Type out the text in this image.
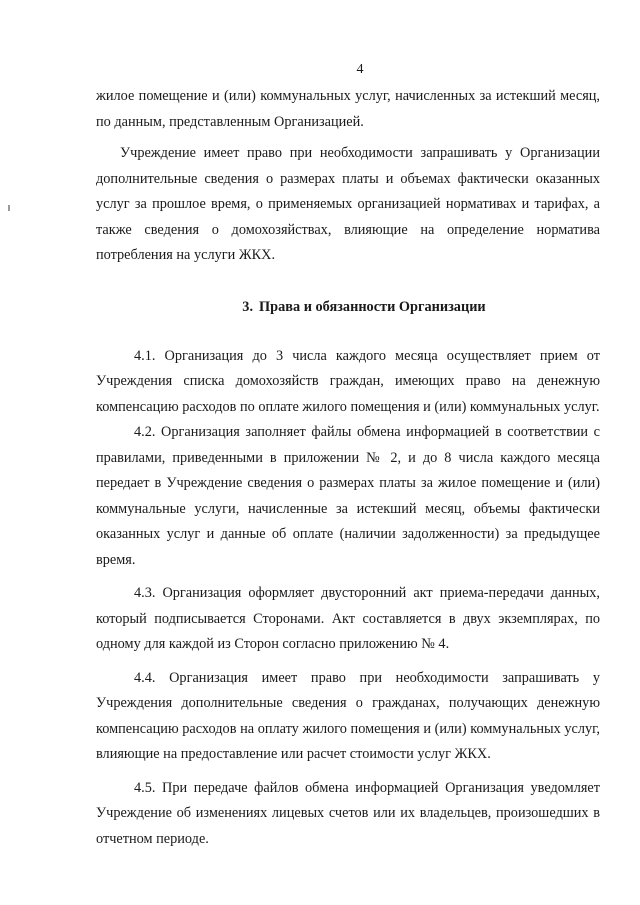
4

жилое помещение и (или) коммунальных услуг, начисленных за истекший месяц, по данным, представленным Организацией.

Учреждение имеет право при необходимости запрашивать у Организации дополнительные сведения о размерах платы и объемах фактически оказанных услуг за прошлое время, о применяемых организацией нормативах и тарифах, а также сведения о домохозяйствах, влияющие на определение норматива потребления на услуги ЖКХ.

3. Права и обязанности Организации

4.1. Организация до 3 числа каждого месяца осуществляет прием от Учреждения списка домохозяйств граждан, имеющих право на денежную компенсацию расходов по оплате жилого помещения и (или) коммунальных услуг.

4.2. Организация заполняет файлы обмена информацией в соответствии с правилами, приведенными в приложении № 2, и до 8 числа каждого месяца передает в Учреждение сведения о размерах платы за жилое помещение и (или) коммунальные услуги, начисленные за истекший месяц, объемы фактически оказанных услуг и данные об оплате (наличии задолженности) за предыдущее время.

4.3. Организация оформляет двусторонний акт приема-передачи данных, который подписывается Сторонами. Акт составляется в двух экземплярах, по одному для каждой из Сторон согласно приложению № 4.

4.4. Организация имеет право при необходимости запрашивать у Учреждения дополнительные сведения о гражданах, получающих денежную компенсацию расходов на оплату жилого помещения и (или) коммунальных услуг, влияющие на предоставление или расчет стоимости услуг ЖКХ.

4.5. При передаче файлов обмена информацией Организация уведомляет Учреждение об изменениях лицевых счетов или их владельцев, произошедших в отчетном периоде.
